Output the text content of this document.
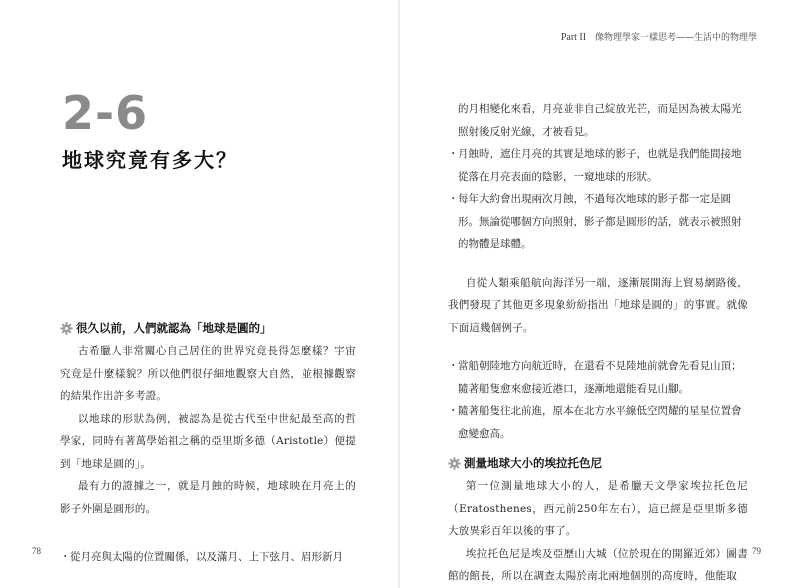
Part II 像物理學家一樣思考——生活中的物理學
2-6
地球究竟有多大？
很久以前，人們就認為「地球是圓的」

古希臘人非常關心自己居住的世界究竟長得怎麼樣？宇宙究竟是什麼樣貌？所以他們很仔細地觀察大自然，並根據觀察的結果作出許多考證。

以地球的形狀為例，被認為是從古代至中世紀最至高的哲學家，同時有著萬學始祖之稱的亞里斯多德（Aristotle）便提到「地球是圓的」。

最有力的證據之一，就是月蝕的時候，地球映在月亮上的影子外圍是圓形的。

・ 從月亮與太陽的位置關係，以及滿月、上下弦月、眉形新月
78
的月相變化來看，月亮並非自己綻放光芒，而是因為被太陽光照射後反射光線，才被看見。
・ 月蝕時，遮住月亮的其實是地球的影子，也就是我們能間接地從落在月亮表面的陰影，一窺地球的形狀。
・ 每年大約會出現兩次月蝕，不過每次地球的影子都一定是圓形。無論從哪個方向照射，影子都是圓形的話，就表示被照射的物體是球體。

自從人類乘船航向海洋另一端，逐漸展開海上貿易網路後，我們發現了其他更多現象紛紛指出「地球是圓的」的事實。就像下面這幾個例子。

・ 當船朝陸地方向航近時，在還看不見陸地前就會先看見山頂；隨著船隻愈來愈接近港口，逐漸地還能看見山腳。
・ 隨著船隻往北前進，原本在北方水平線低空閃耀的星星位置會愈變愈高。
測量地球大小的埃拉托色尼

第一位測量地球大小的人，是希臘天文學家埃拉托色尼（Eratosthenes，西元前250年左右），這已經是亞里斯多德大放異彩百年以後的事了。

埃拉托色尼是埃及亞歷山大城（位於現在的開羅近郊）圖書館的館長，所以在調查太陽於南北兩地個別的高度時，他能取

79
